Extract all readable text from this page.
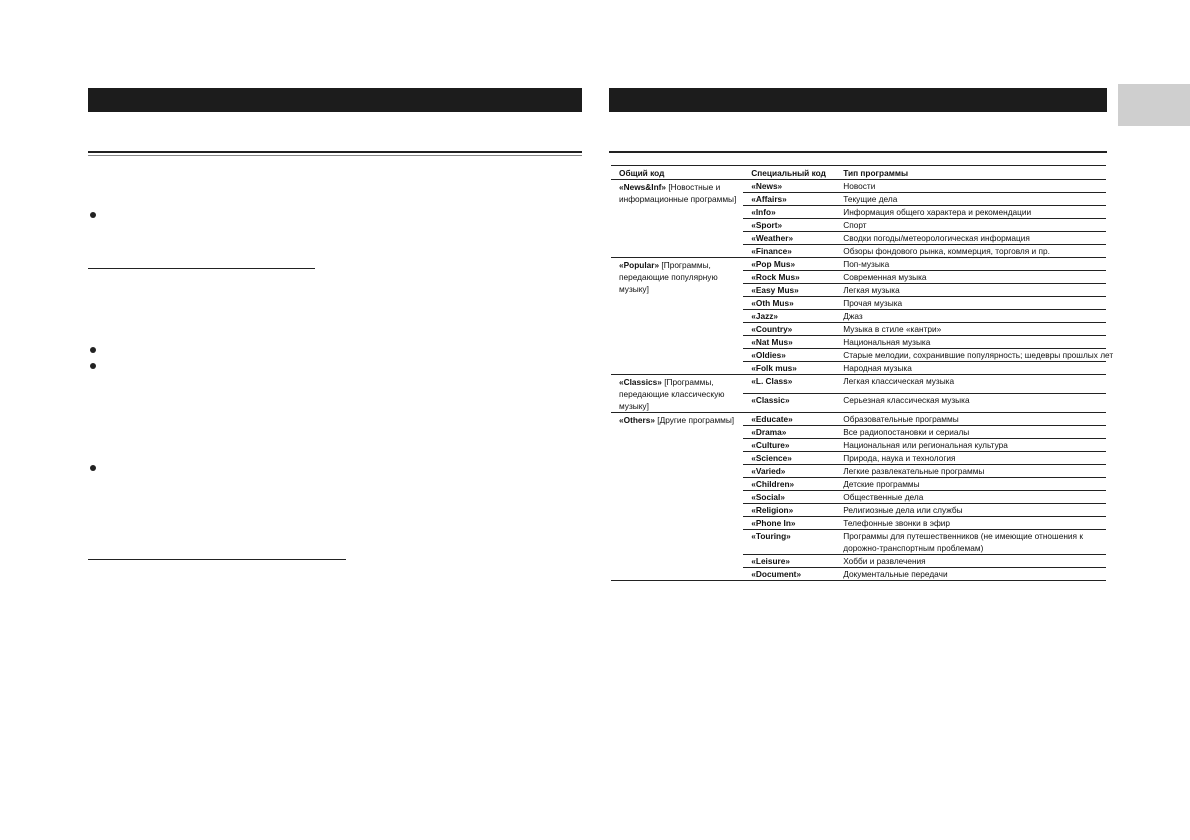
Общий код	Специальный код	Тип программы
«News&Inf» [Новостные и информационные программы]	«News»	Новости
	«Affairs»	Текущие дела
	«Info»	Информация общего характера и рекомендации
	«Sport»	Спорт
	«Weather»	Сводки погоды/метеорологическая информация
	«Finance»	Обзоры фондового рынка, коммерция, торговля и пр.
«Popular» [Программы, передающие популярную музыку]	«Pop Mus»	Поп-музыка
	«Rock Mus»	Современная музыка
	«Easy Mus»	Легкая музыка
	«Oth Mus»	Прочая музыка
	«Jazz»	Джаз
	«Country»	Музыка в стиле «кантри»
	«Nat Mus»	Национальная музыка
	«Oldies»	Старые мелодии, сохранившие популярность; шедевры прошлых лет
	«Folk mus»	Народная музыка
«Classics» [Программы, передающие классическую музыку]	«L. Class»	Легкая классическая музыка
	«Classic»	Серьезная классическая музыка
«Others» [Другие программы]	«Educate»	Образовательные программы
	«Drama»	Все радиопостановки и сериалы
	«Culture»	Национальная или региональная культура
	«Science»	Природа, наука и технология
	«Varied»	Легкие развлекательные программы
	«Children»	Детские программы
	«Social»	Общественные дела
	«Religion»	Религиозные дела или службы
	«Phone In»	Телефонные звонки в эфир
	«Touring»	Программы для путешественников (не имеющие отношения к дорожно-транспортным проблемам)
	«Leisure»	Хобби и развлечения
	«Document»	Документальные передачи
